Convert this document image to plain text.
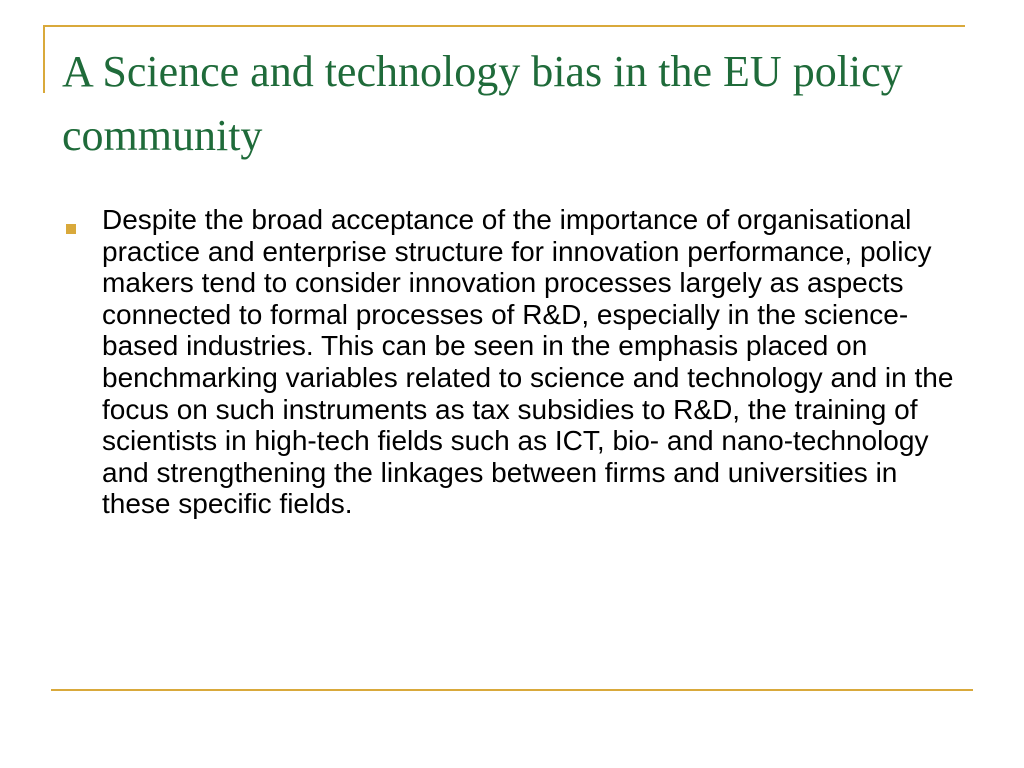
A Science and technology bias in the EU policy community

Despite the broad acceptance of the importance of organisational practice and enterprise structure for innovation performance, policy makers tend to consider innovation processes largely as aspects connected to formal processes of R&D, especially in the science-based industries. This can be seen in the emphasis placed on benchmarking variables related to science and technology and in the focus on such instruments as tax subsidies to R&D, the training of scientists in high-tech fields such as ICT, bio- and nano-technology and strengthening the linkages between firms and universities in these specific fields.
